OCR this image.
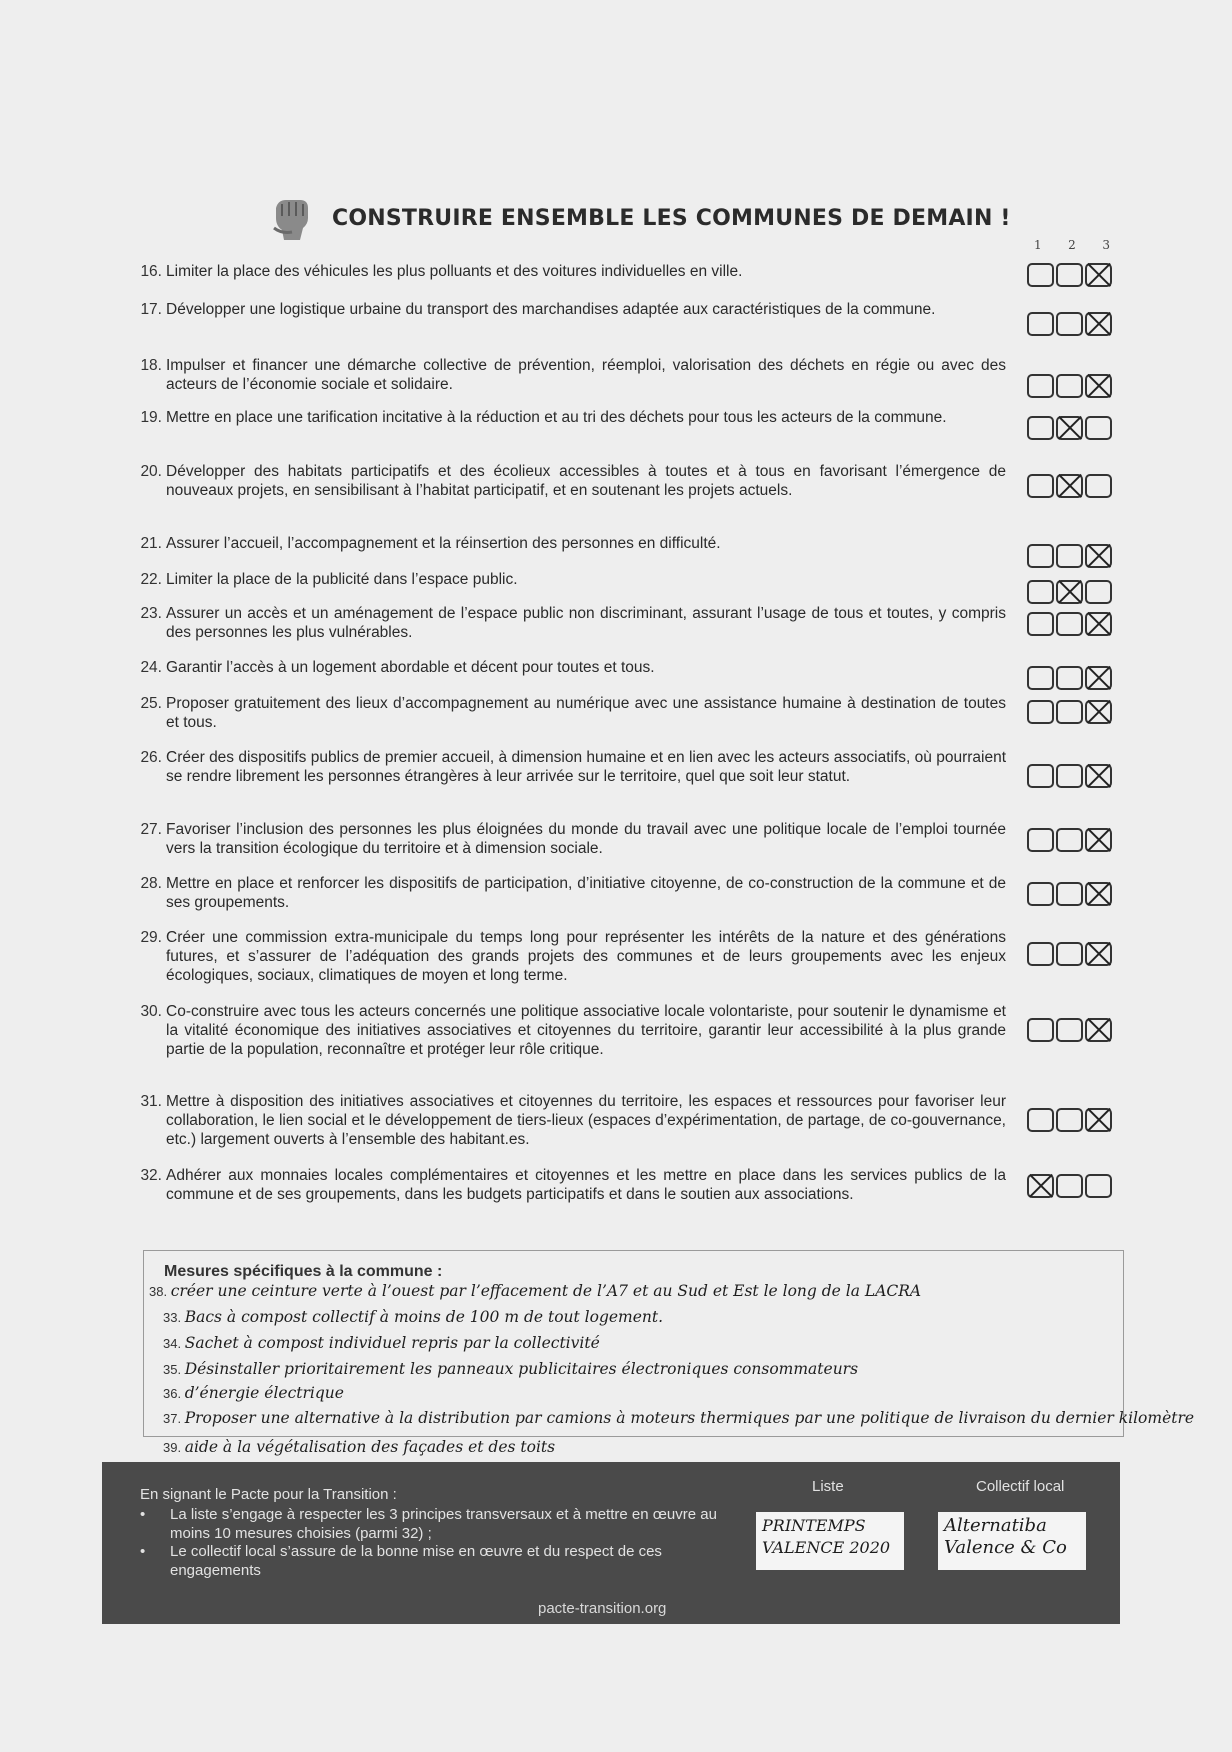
CONSTRUIRE ENSEMBLE LES COMMUNES DE DEMAIN !
1 2 3
16. Limiter la place des véhicules les plus polluants et des voitures individuelles en ville.
17. Développer une logistique urbaine du transport des marchandises adaptée aux caractéristiques de la commune.
18. Impulser et financer une démarche collective de prévention, réemploi, valorisation des déchets en régie ou avec des acteurs de l’économie sociale et solidaire.
19. Mettre en place une tarification incitative à la réduction et au tri des déchets pour tous les acteurs de la commune.
20. Développer des habitats participatifs et des écolieux accessibles à toutes et à tous en favorisant l’émergence de nouveaux projets, en sensibilisant à l’habitat participatif, et en soutenant les projets actuels.
21. Assurer l’accueil, l’accompagnement et la réinsertion des personnes en difficulté.
22. Limiter la place de la publicité dans l’espace public.
23. Assurer un accès et un aménagement de l’espace public non discriminant, assurant l’usage de tous et toutes, y compris des personnes les plus vulnérables.
24. Garantir l’accès à un logement abordable et décent pour toutes et tous.
25. Proposer gratuitement des lieux d’accompagnement au numérique avec une assistance humaine à destination de toutes et tous.
26. Créer des dispositifs publics de premier accueil, à dimension humaine et en lien avec les acteurs associatifs, où pourraient se rendre librement les personnes étrangères à leur arrivée sur le territoire, quel que soit leur statut.
27. Favoriser l’inclusion des personnes les plus éloignées du monde du travail avec une politique locale de l’emploi tournée vers la transition écologique du territoire et à dimension sociale.
28. Mettre en place et renforcer les dispositifs de participation, d’initiative citoyenne, de co-construction de la commune et de ses groupements.
29. Créer une commission extra-municipale du temps long pour représenter les intérêts de la nature et des générations futures, et s’assurer de l’adéquation des grands projets des communes et de leurs groupements avec les enjeux écologiques, sociaux, climatiques de moyen et long terme.
30. Co-construire avec tous les acteurs concernés une politique associative locale volontariste, pour soutenir le dynamisme et la vitalité économique des initiatives associatives et citoyennes du territoire, garantir leur accessibilité à la plus grande partie de la population, reconnaître et protéger leur rôle critique.
31. Mettre à disposition des initiatives associatives et citoyennes du territoire, les espaces et ressources pour favoriser leur collaboration, le lien social et le développement de tiers-lieux (espaces d’expérimentation, de partage, de co-gouvernance, etc.) largement ouverts à l’ensemble des habitant.es.
32. Adhérer aux monnaies locales complémentaires et citoyennes et les mettre en place dans les services publics de la commune et de ses groupements, dans les budgets participatifs et dans le soutien aux associations.
Mesures spécifiques à la commune :
38. créer une ceinture verte à l’ouest par l’effacement de l’A7 et au Sud et Est le long de la LACRA
33. Bacs à compost collectif à moins de 100 m de tout logement.
34. Sachet à compost individuel repris par la collectivité
35. Désinstaller prioritairement les panneaux publicitaires électroniques consommateurs
36. d’énergie électrique
37. Proposer une alternative à la distribution par camions à moteurs thermiques par une politique de livraison du dernier kilomètre
39. aide à la végétalisation des façades et des toits
En signant le Pacte pour la Transition :
• La liste s’engage à respecter les 3 principes transversaux et à mettre en œuvre au moins 10 mesures choisies (parmi 32) ;
• Le collectif local s’assure de la bonne mise en œuvre et du respect de ces engagements
Liste	Collectif local
PRINTEMPS
VALENCE 2020
Alternatiba
Valence & Co
pacte-transition.org
